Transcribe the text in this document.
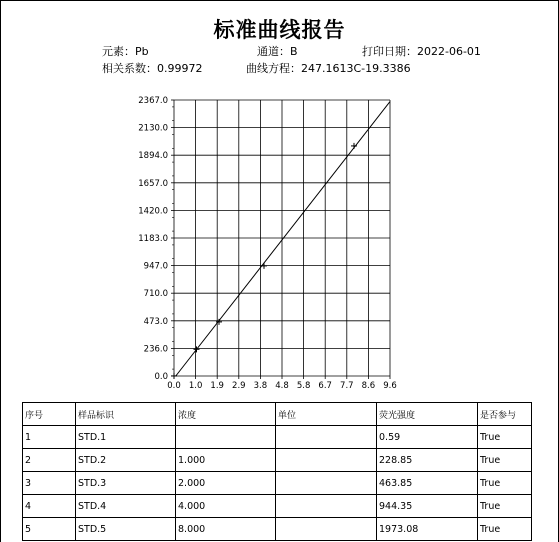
标准曲线报告
元素：Pb	通道：B	打印日期：2022-06-01
相关系数：0.99972	曲线方程：247.1613C-19.3386
0.0 1.0 1.9 2.9 3.8 4.8 5.8 6.7 7.7 8.6 9.6
0.0
236.0
473.0
710.0
947.0
1183.0
1420.0
1657.0
1894.0
2130.0
2367.0
序号	样品标识	浓度	单位	荧光强度	是否参与
1	STD.1			0.59	True
2	STD.2	1.000		228.85	True
3	STD.3	2.000		463.85	True
4	STD.4	4.000		944.35	True
5	STD.5	8.000		1973.08	True
